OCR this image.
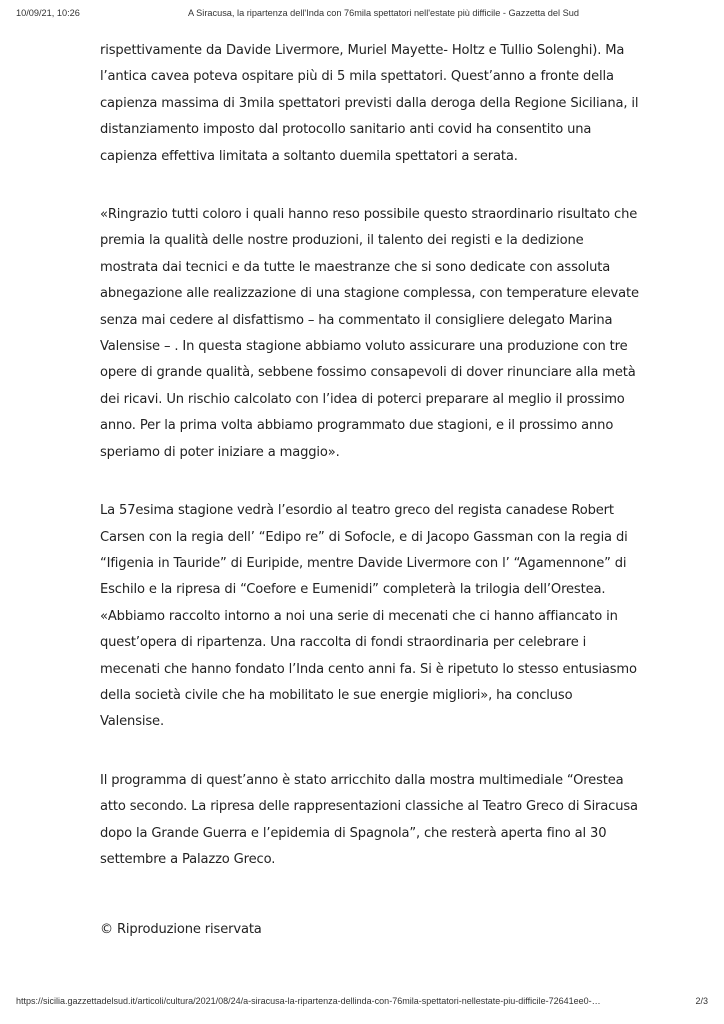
10/09/21, 10:26	A Siracusa, la ripartenza dell'Inda con 76mila spettatori nell'estate più difficile - Gazzetta del Sud

rispettivamente da Davide Livermore, Muriel Mayette- Holtz e Tullio Solenghi). Ma l’antica cavea poteva ospitare più di 5 mila spettatori. Quest’anno a fronte della capienza massima di 3mila spettatori previsti dalla deroga della Regione Siciliana, il distanziamento imposto dal protocollo sanitario anti covid ha consentito una capienza effettiva limitata a soltanto duemila spettatori a serata.

«Ringrazio tutti coloro i quali hanno reso possibile questo straordinario risultato che premia la qualità delle nostre produzioni, il talento dei registi e la dedizione mostrata dai tecnici e da tutte le maestranze che si sono dedicate con assoluta abnegazione alle realizzazione di una stagione complessa, con temperature elevate senza mai cedere al disfattismo – ha commentato il consigliere delegato Marina Valensise – . In questa stagione abbiamo voluto assicurare una produzione con tre opere di grande qualità, sebbene fossimo consapevoli di dover rinunciare alla metà dei ricavi. Un rischio calcolato con l’idea di poterci preparare al meglio il prossimo anno. Per la prima volta abbiamo programmato due stagioni, e il prossimo anno speriamo di poter iniziare a maggio».

La 57esima stagione vedrà l’esordio al teatro greco del regista canadese Robert Carsen con la regia dell’ “Edipo re” di Sofocle, e di Jacopo Gassman con la regia di “Ifigenia in Tauride” di Euripide, mentre Davide Livermore con l’ “Agamennone” di Eschilo e la ripresa di “Coefore e Eumenidi” completerà la trilogia dell’Orestea. «Abbiamo raccolto intorno a noi una serie di mecenati che ci hanno affiancato in quest’opera di ripartenza. Una raccolta di fondi straordinaria per celebrare i mecenati che hanno fondato l’Inda cento anni fa. Si è ripetuto lo stesso entusiasmo della società civile che ha mobilitato le sue energie migliori», ha concluso Valensise.

Il programma di quest’anno è stato arricchito dalla mostra multimediale “Orestea atto secondo. La ripresa delle rappresentazioni classiche al Teatro Greco di Siracusa dopo la Grande Guerra e l’epidemia di Spagnola”, che resterà aperta fino al 30 settembre a Palazzo Greco.

© Riproduzione riservata

https://sicilia.gazzettadelsud.it/articoli/cultura/2021/08/24/a-siracusa-la-ripartenza-dellinda-con-76mila-spettatori-nellestate-piu-difficile-72641ee0-…	2/3
